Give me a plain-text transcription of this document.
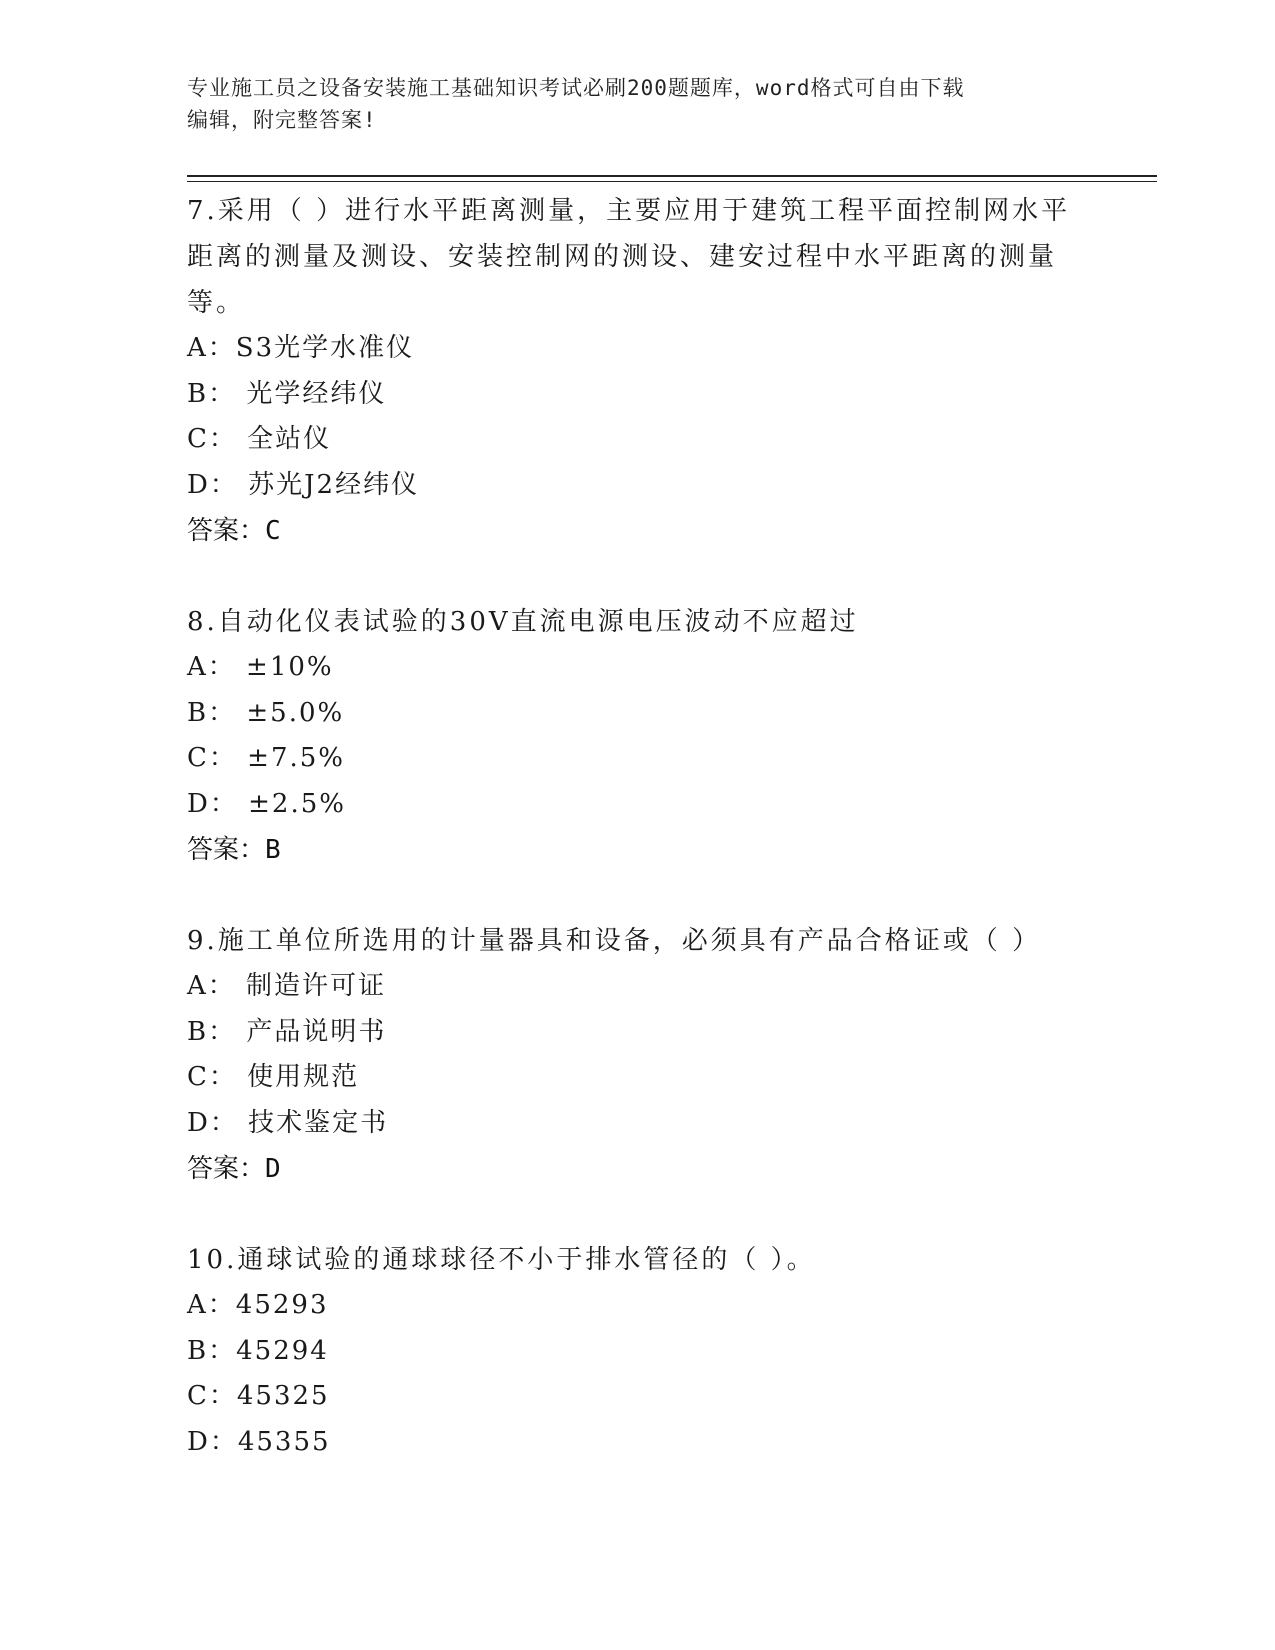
专业施工员之设备安装施工基础知识考试必刷200题题库，word格式可自由下载
编辑，附完整答案!
7.采用（ ）进行水平距离测量，主要应用于建筑工程平面控制网水平
距离的测量及测设、安装控制网的测设、建安过程中水平距离的测量
等。
A：S3光学水准仪
B： 光学经纬仪
C： 全站仪
D： 苏光J2经纬仪
答案：C
8.自动化仪表试验的30V直流电源电压波动不应超过
A： ±10%
B： ±5.0%
C： ±7.5%
D： ±2.5%
答案：B
9.施工单位所选用的计量器具和设备，必须具有产品合格证或（ ）
A： 制造许可证
B： 产品说明书
C： 使用规范
D： 技术鉴定书
答案：D
10.通球试验的通球球径不小于排水管径的（ ）。
A：45293
B：45294
C：45325
D：45355
